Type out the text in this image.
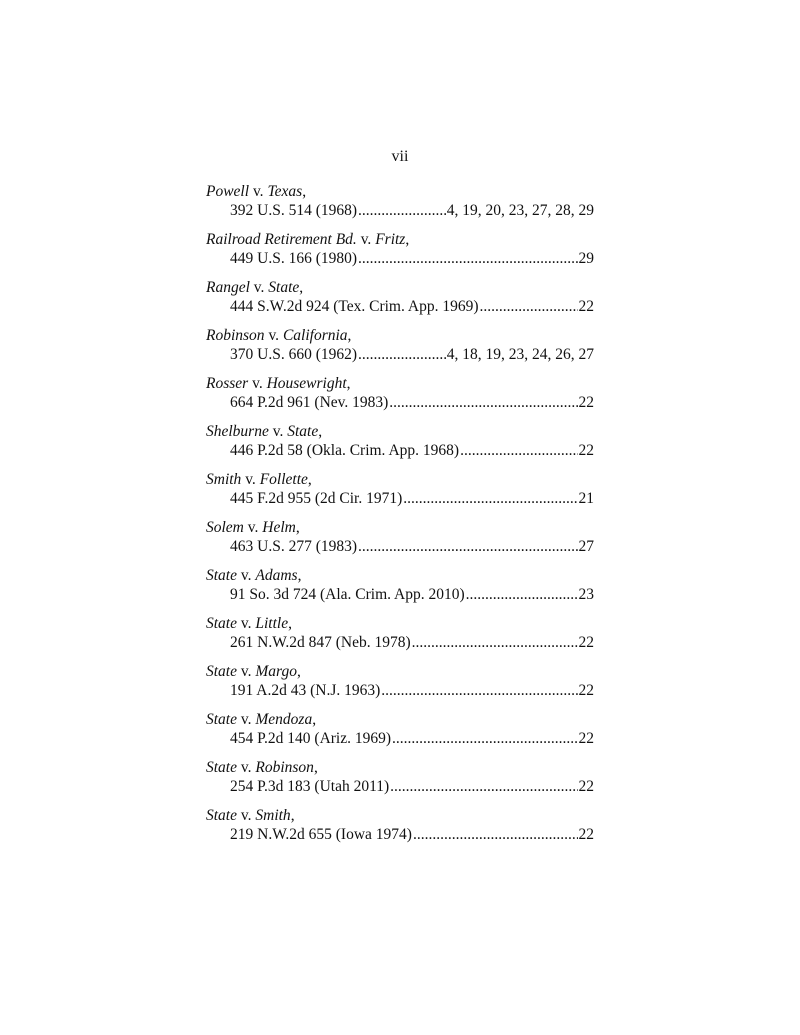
vii
Powell v. Texas,
392 U.S. 514 (1968) .....	4, 19, 20, 23, 27, 28, 29
Railroad Retirement Bd. v. Fritz,
449 U.S. 166 (1980) .....	29
Rangel v. State,
444 S.W.2d 924 (Tex. Crim. App. 1969) .....	22
Robinson v. California,
370 U.S. 660 (1962) .....	4, 18, 19, 23, 24, 26, 27
Rosser v. Housewright,
664 P.2d 961 (Nev. 1983) .....	22
Shelburne v. State,
446 P.2d 58 (Okla. Crim. App. 1968) .....	22
Smith v. Follette,
445 F.2d 955 (2d Cir. 1971) .....	21
Solem v. Helm,
463 U.S. 277 (1983) .....	27
State v. Adams,
91 So. 3d 724 (Ala. Crim. App. 2010) .....	23
State v. Little,
261 N.W.2d 847 (Neb. 1978) .....	22
State v. Margo,
191 A.2d 43 (N.J. 1963) .....	22
State v. Mendoza,
454 P.2d 140 (Ariz. 1969) .....	22
State v. Robinson,
254 P.3d 183 (Utah 2011) .....	22
State v. Smith,
219 N.W.2d 655 (Iowa 1974) .....	22
